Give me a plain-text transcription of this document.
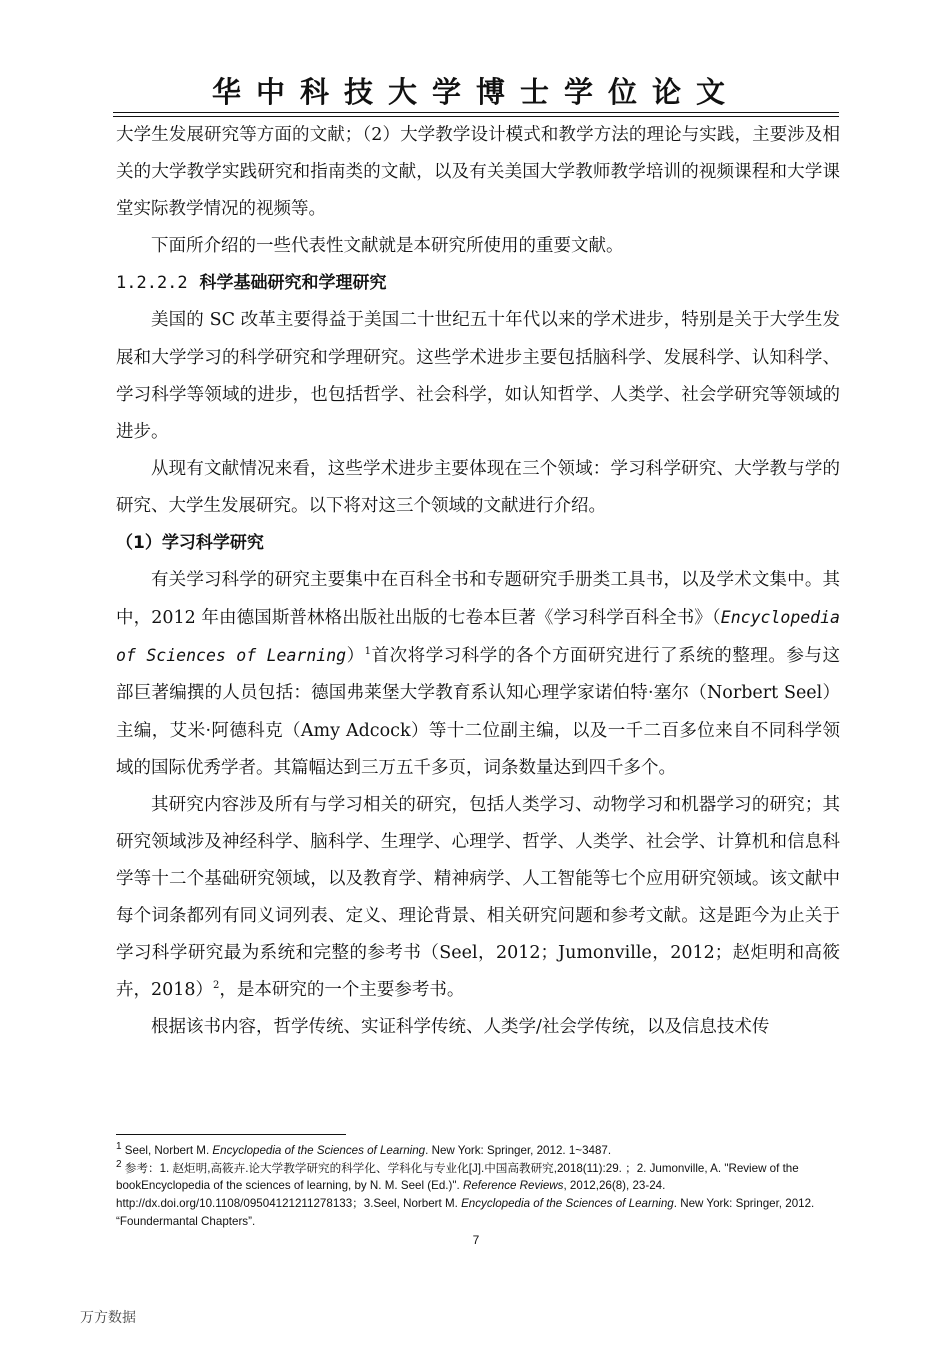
华中科技大学博士学位论文

大学生发展研究等方面的文献；（2）大学教学设计模式和教学方法的理论与实践，主要涉及相关的大学教学实践研究和指南类的文献，以及有关美国大学教师教学培训的视频课程和大学课堂实际教学情况的视频等。

下面所介绍的一些代表性文献就是本研究所使用的重要文献。

1.2.2.2 科学基础研究和学理研究

美国的 SC 改革主要得益于美国二十世纪五十年代以来的学术进步，特别是关于大学生发展和大学学习的科学研究和学理研究。这些学术进步主要包括脑科学、发展科学、认知科学、学习科学等领域的进步，也包括哲学、社会科学，如认知哲学、人类学、社会学研究等领域的进步。

从现有文献情况来看，这些学术进步主要体现在三个领域：学习科学研究、大学教与学的研究、大学生发展研究。以下将对这三个领域的文献进行介绍。

（1）学习科学研究

有关学习科学的研究主要集中在百科全书和专题研究手册类工具书，以及学术文集中。其中，2012 年由德国斯普林格出版社出版的七卷本巨著《学习科学百科全书》（Encyclopedia of Sciences of Learning）$^1$首次将学习科学的各个方面研究进行了系统的整理。参与这部巨著编撰的人员包括：德国弗莱堡大学教育系认知心理学家诺伯特·塞尔（Norbert Seel）主编，艾米·阿德科克（Amy Adcock）等十二位副主编，以及一千二百多位来自不同科学领域的国际优秀学者。其篇幅达到三万五千多页，词条数量达到四千多个。

其研究内容涉及所有与学习相关的研究，包括人类学习、动物学习和机器学习的研究；其研究领域涉及神经科学、脑科学、生理学、心理学、哲学、人类学、社会学、计算机和信息科学等十二个基础研究领域，以及教育学、精神病学、人工智能等七个应用研究领域。该文献中每个词条都列有同义词列表、定义、理论背景、相关研究问题和参考文献。这是距今为止关于学习科学研究最为系统和完整的参考书（Seel，2012；Jumonville，2012；赵炬明和高筱卉，2018）$^2$，是本研究的一个主要参考书。

根据该书内容，哲学传统、实证科学传统、人类学/社会学传统，以及信息技术传

$^1$ Seel, Norbert M. Encyclopedia of the Sciences of Learning. New York: Springer, 2012. 1~3487.

$^2$ 参考：1. 赵炬明,高筱卉.论大学教学研究的科学化、学科化与专业化[J].中国高教研究,2018(11):29. ；2. Jumonville, A. "Review of the bookEncyclopedia of the sciences of learning, by N. M. Seel (Ed.)". Reference Reviews, 2012,26(8), 23-24. http://dx.doi.org/10.1108/09504121211278133；3.Seel, Norbert M. Encyclopedia of the Sciences of Learning. New York: Springer, 2012. “Foundermantal Chapters”.

7
万方数据
